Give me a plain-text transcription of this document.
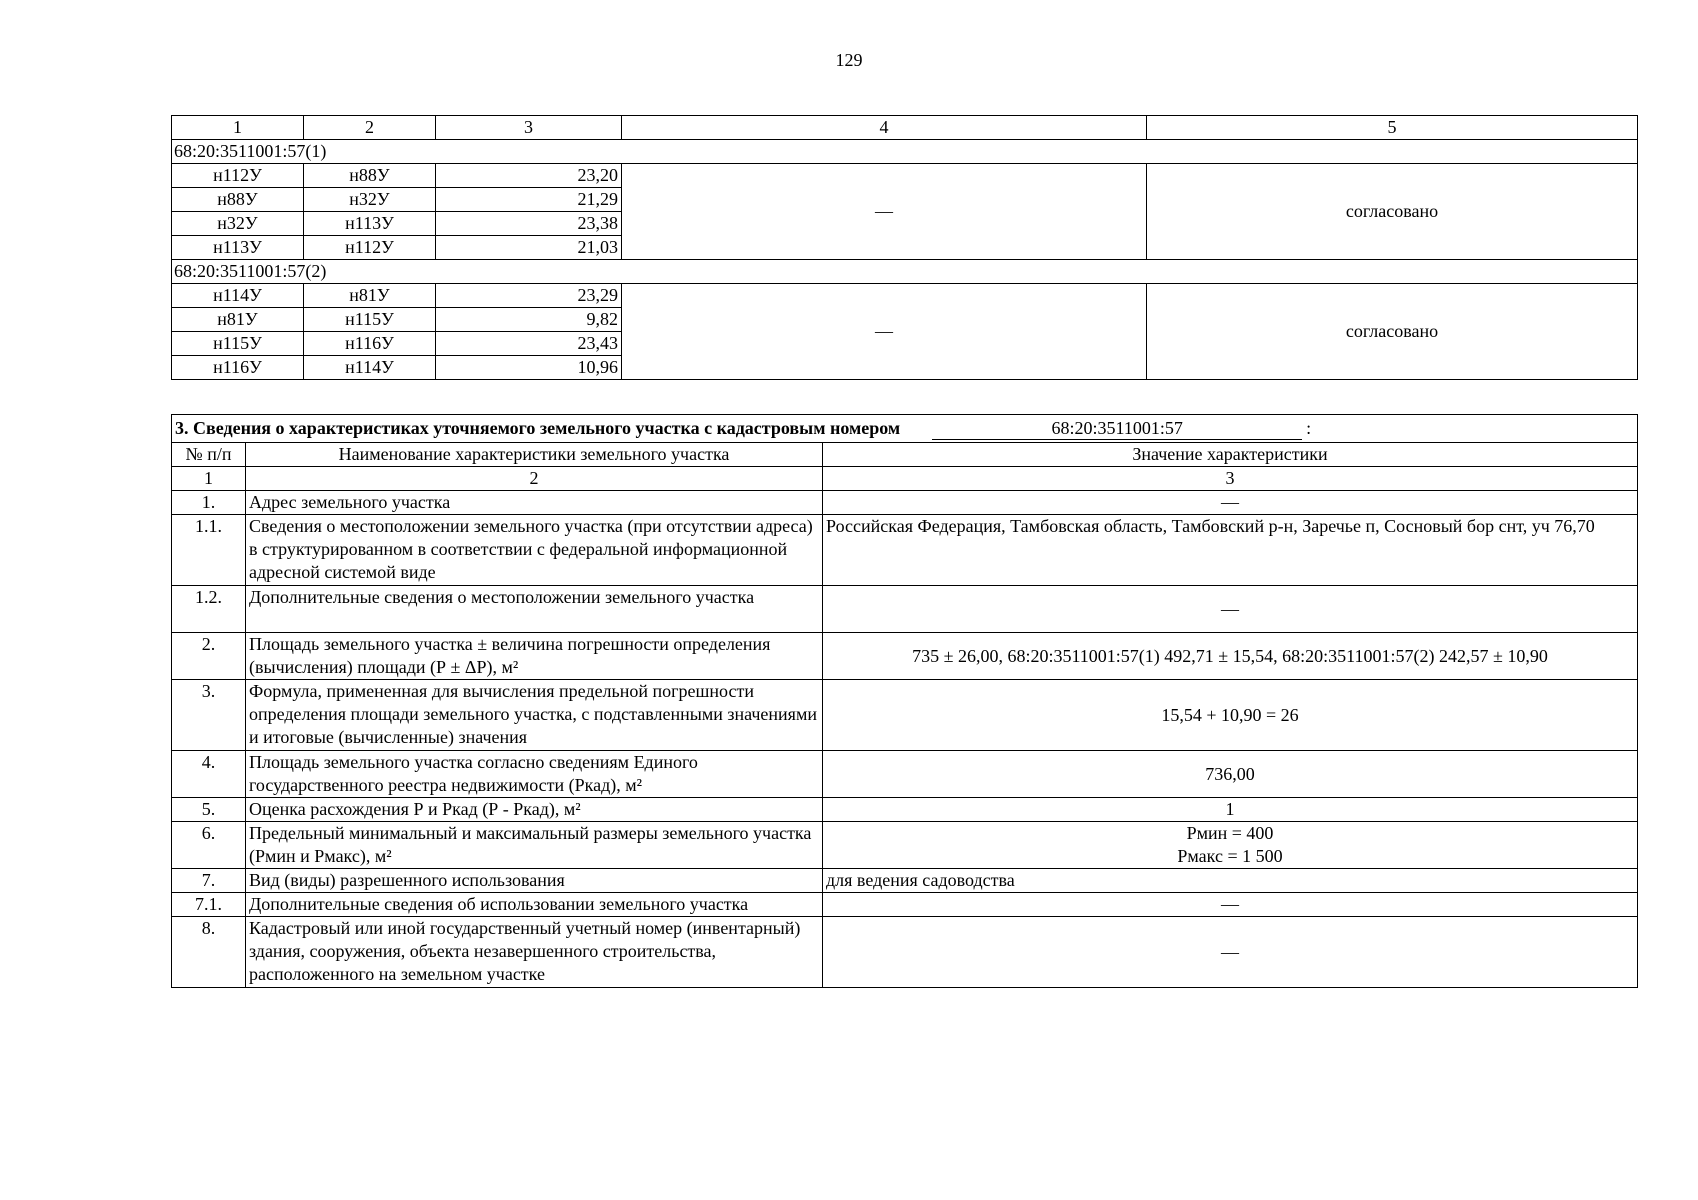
129
1	2	3	4	5
68:20:3511001:57(1)				
н112У	н88У	23,20	—	согласовано
н88У	н32У	21,29		
н32У	н113У	23,38		
н113У	н112У	21,03		
68:20:3511001:57(2)				
н114У	н81У	23,29	—	согласовано
н81У	н115У	9,82		
н115У	н116У	23,43		
н116У	н114У	10,96		
3. Сведения о характеристиках уточняемого земельного участка с кадастровым номером 68:20:3511001:57 :		
№ п/п	Наименование характеристики земельного участка	Значение характеристики
1	2	3
1.	Адрес земельного участка	—
1.1.	Сведения о местоположении земельного участка (при отсутствии адреса) в структурированном в соответствии с федеральной информационной адресной системой виде	Российская Федерация, Тамбовская область, Тамбовский р-н, Заречье п, Сосновый бор снт, уч 76,70
1.2.	Дополнительные сведения о местоположении земельного участка	—
2.	Площадь земельного участка ± величина погрешности определения (вычисления) площади (Р ± ΔР), м²	735 ± 26,00, 68:20:3511001:57(1) 492,71 ± 15,54, 68:20:3511001:57(2) 242,57 ± 10,90
3.	Формула, примененная для вычисления предельной погрешности определения площади земельного участка, с подставленными значениями и итоговые (вычисленные) значения	15,54 + 10,90 = 26
4.	Площадь земельного участка согласно сведениям Единого государственного реестра недвижимости (Ркад), м²	736,00
5.	Оценка расхождения Р и Ркад (Р - Ркад), м²	1
6.	Предельный минимальный и максимальный размеры земельного участка (Рмин и Рмакс), м²	Рмин = 400
Рмакс = 1 500

7.	Вид (виды) разрешенного использования	для ведения садоводства
7.1.	Дополнительные сведения об использовании земельного участка	—
8.	Кадастровый или иной государственный учетный номер (инвентарный) здания, сооружения, объекта незавершенного строительства, расположенного на земельном участке	—
